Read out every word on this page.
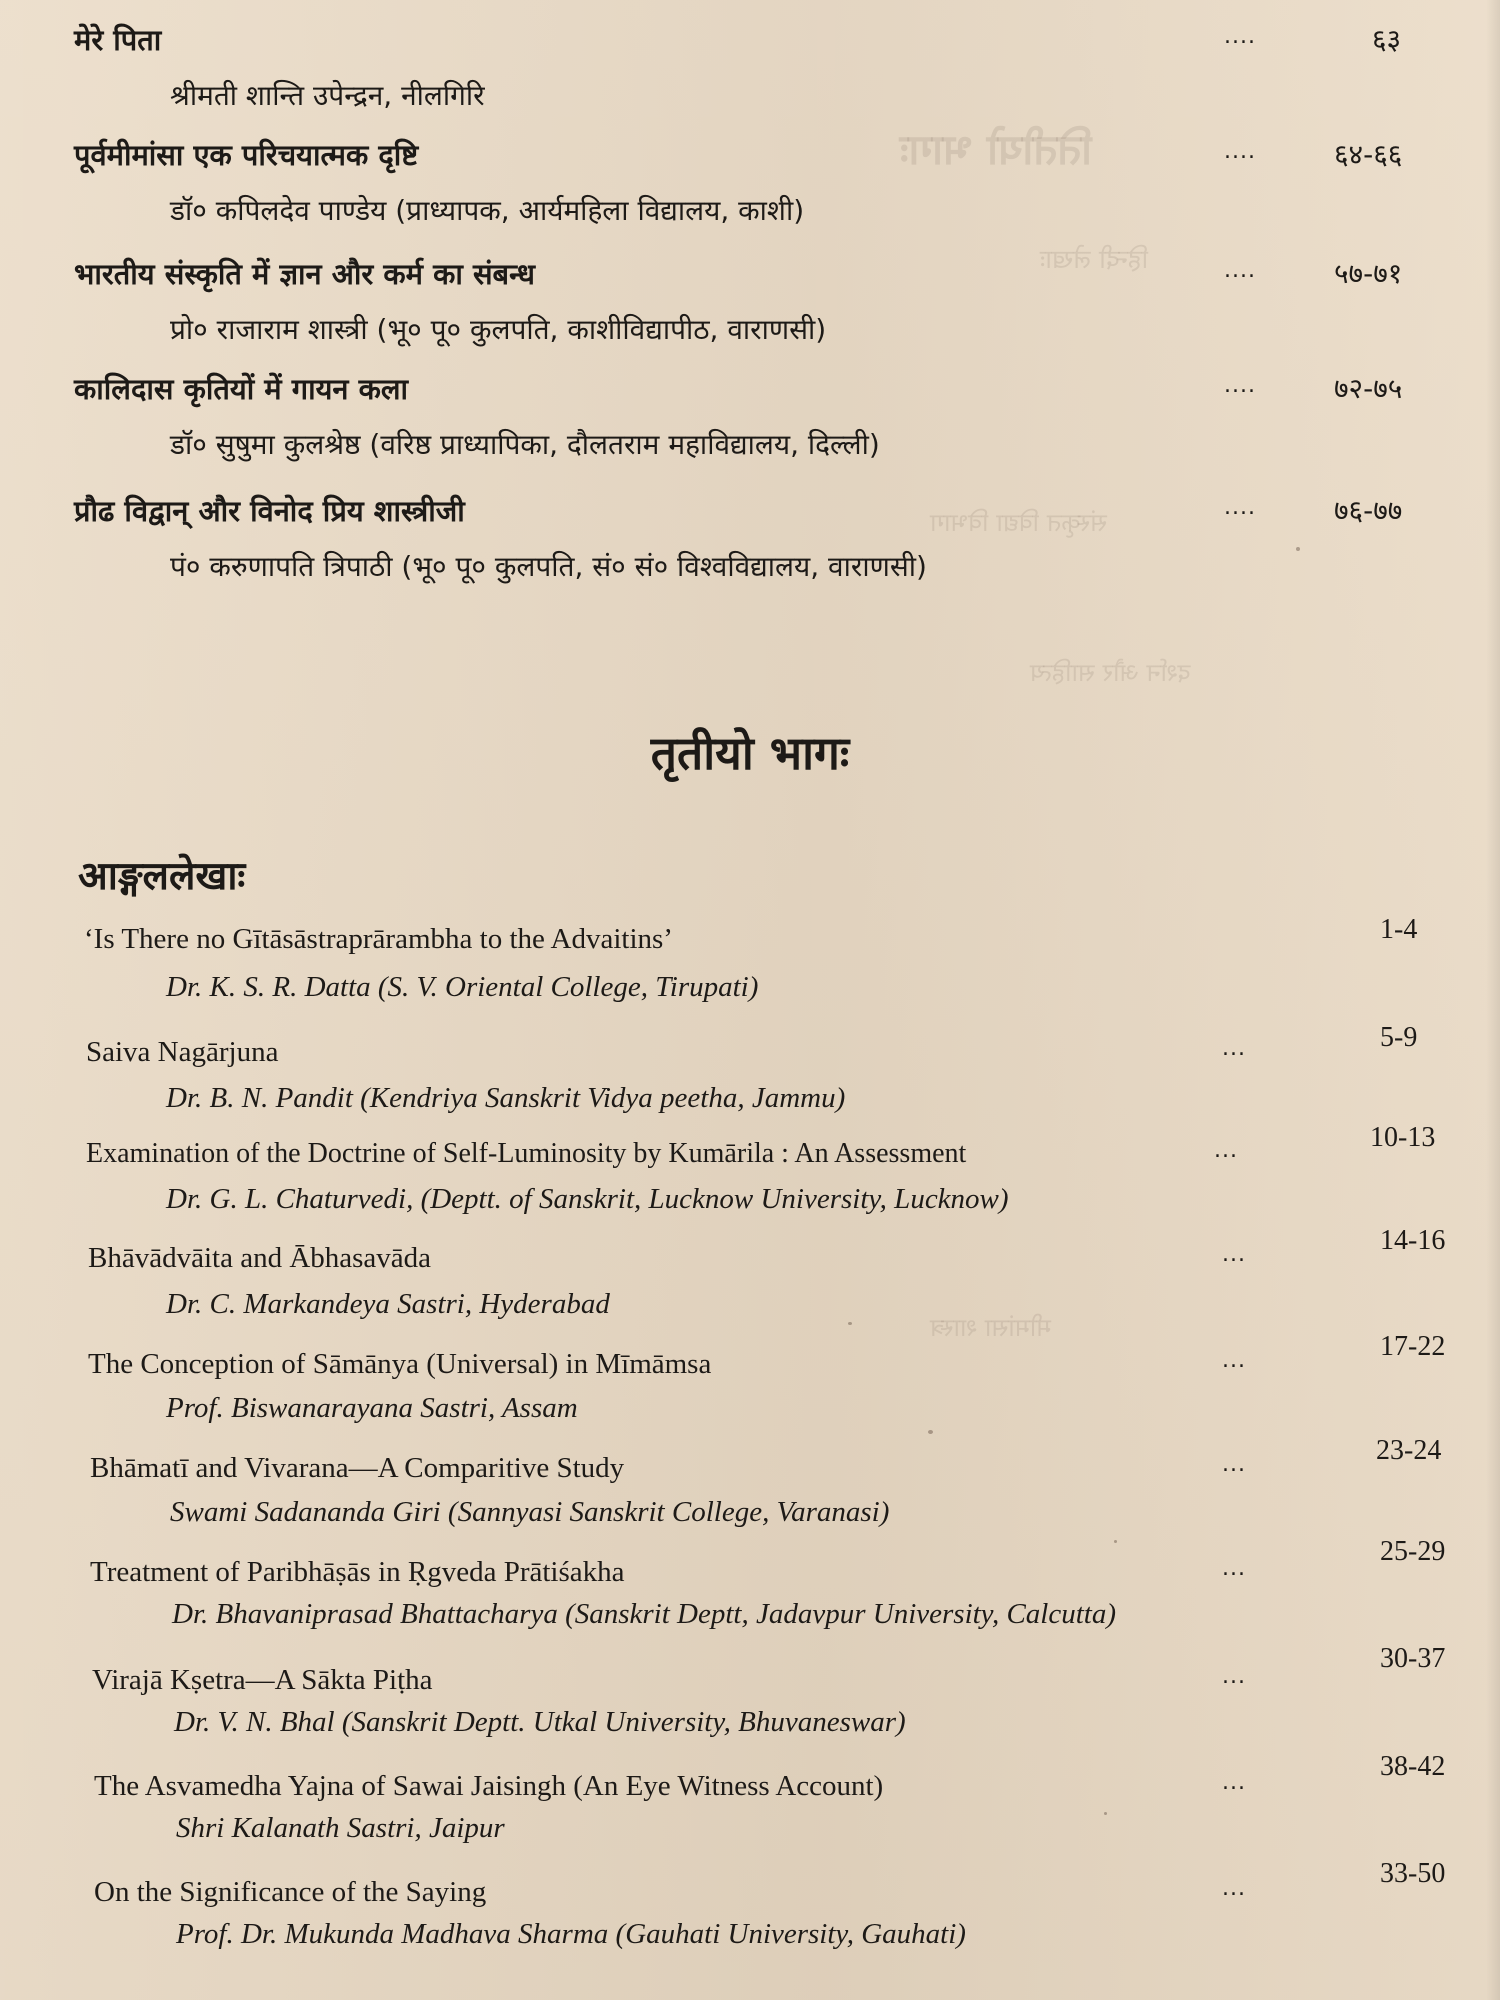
तितीयो भागः
हिन्दी लेखाः
संस्कृत विद्या विभाग
दर्शन और साहित्य
मीमांसा शास्त्र
मेरे पिता
श्रीमती शान्ति उपेन्द्रन, नीलगिरि
....	६३
पूर्वमीमांसा एक परिचयात्मक दृष्टि
डॉ० कपिलदेव पाण्डेय (प्राध्यापक, आर्यमहिला विद्यालय, काशी)
....	६४-६६
भारतीय संस्कृति में ज्ञान और कर्म का संबन्ध
प्रो० राजाराम शास्त्री (भू० पू० कुलपति, काशीविद्यापीठ, वाराणसी)
....	५७-७१
कालिदास कृतियों में गायन कला
डॉ० सुषुमा कुलश्रेष्ठ (वरिष्ठ प्राध्यापिका, दौलतराम महाविद्यालय, दिल्ली)
....	७२-७५
प्रौढ विद्वान् और विनोद प्रिय शास्त्रीजी
पं० करुणापति त्रिपाठी (भू० पू० कुलपति, सं० सं० विश्वविद्यालय, वाराणसी)
....	७६-७७
तृतीयो भागः
आङ्गललेखाः
‘Is There no Gītāsāstraprārambha to the Advaitins’
Dr. K. S. R. Datta (S. V. Oriental College, Tirupati)
1-4
Saiva Nagārjuna
Dr. B. N. Pandit (Kendriya Sanskrit Vidya peetha, Jammu)
...	5-9
Examination of the Doctrine of Self-Luminosity by Kumārila : An Assessment
Dr. G. L. Chaturvedi, (Deptt. of Sanskrit, Lucknow University, Lucknow)
...	10-13
Bhāvādvāita and Ābhasavāda
Dr. C. Markandeya Sastri, Hyderabad
...	14-16
The Conception of Sāmānya (Universal) in Mīmāmsa
Prof. Biswanarayana Sastri, Assam
...	17-22
Bhāmatī and Vivarana—A Comparitive Study
Swami Sadananda Giri (Sannyasi Sanskrit College, Varanasi)
...	23-24
Treatment of Paribhāṣās in Ṛgveda Prātiśakha
Dr. Bhavaniprasad Bhattacharya (Sanskrit Deptt, Jadavpur University, Calcutta)
...
25-29
Virajā Kṣetra—A Sākta Piṭha
Dr. V. N. Bhal (Sanskrit Deptt. Utkal University, Bhuvaneswar)
...
30-37
The Asvamedha Yajna of Sawai Jaisingh (An Eye Witness Account)
Shri Kalanath Sastri, Jaipur
...
38-42
On the Significance of the Saying
Prof. Dr. Mukunda Madhava Sharma (Gauhati University, Gauhati)
...	33-50
